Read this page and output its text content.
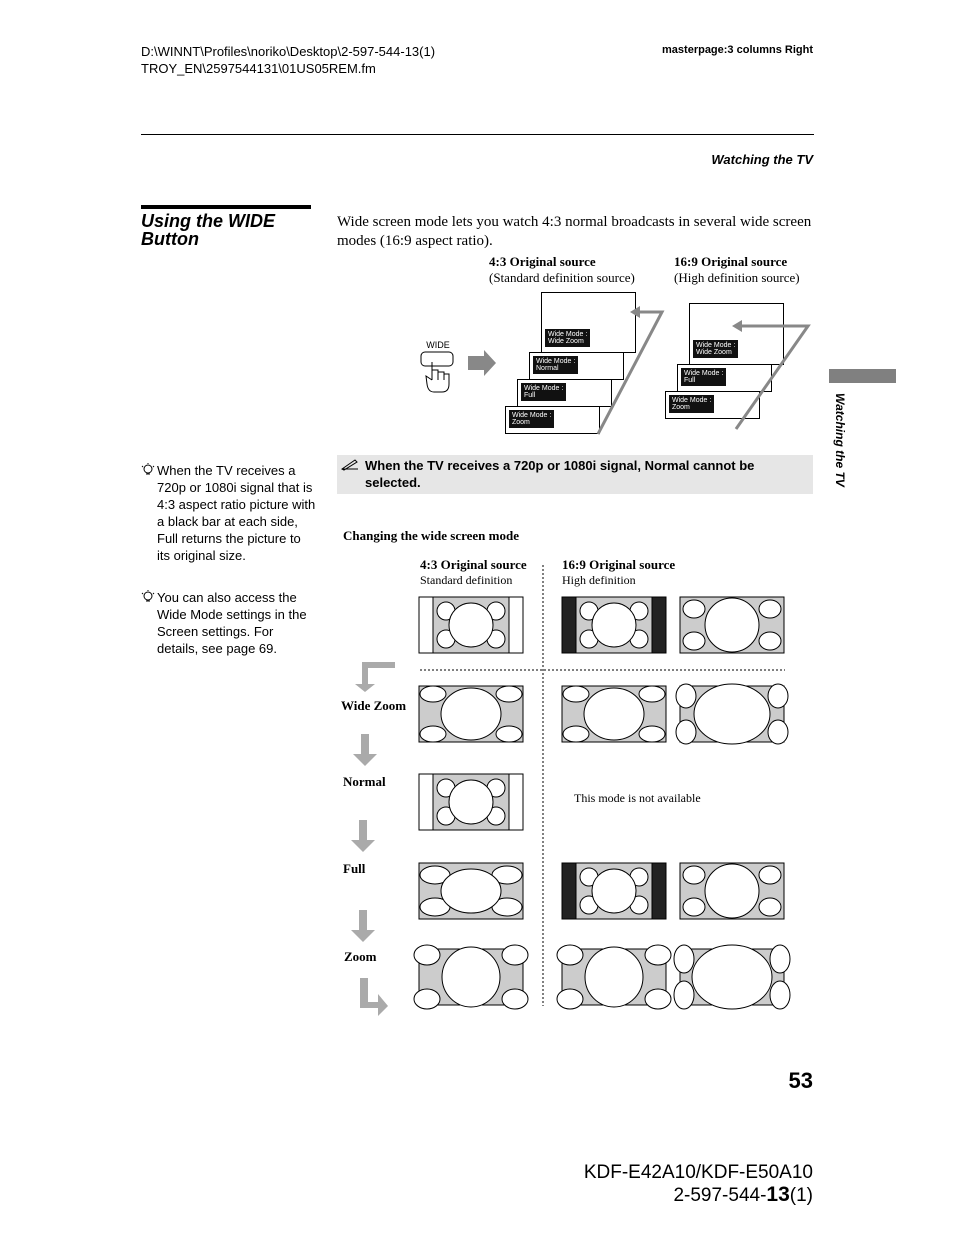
D:\WINNT\Profiles\noriko\Desktop\2-597-544-13(1)
TROY_EN\2597544131\01US05REM.fm
masterpage:3 columns Right
Watching the TV
Watching the TV
Using the WIDE Button
Wide screen mode lets you watch 4:3 normal broadcasts in several wide screen modes (16:9 aspect ratio).
4:3 Original source
(Standard definition source)
16:9 Original source
(High definition source)
WIDE
Wide Mode :
Zoom
Wide Mode :
Full
Wide Mode :
Normal
Wide Mode :
Wide Zoom
Wide Mode :
Zoom
Wide Mode :
Full
Wide Mode :
Wide Zoom
When the TV receives a 720p or 1080i signal, Normal cannot be selected.
When the TV receives a 720p or 1080i signal that is 4:3 aspect ratio picture with a black bar at each side, Full returns the picture to its original size.
You can also access the Wide Mode settings in the Screen settings. For details, see page 69.
Changing the wide screen mode
4:3 Original source
Standard definition
16:9 Original source
High definition
Wide Zoom
Normal
Full
Zoom
This mode is not available
53
KDF-E42A10/KDF-E50A10
2-597-544-13(1)
